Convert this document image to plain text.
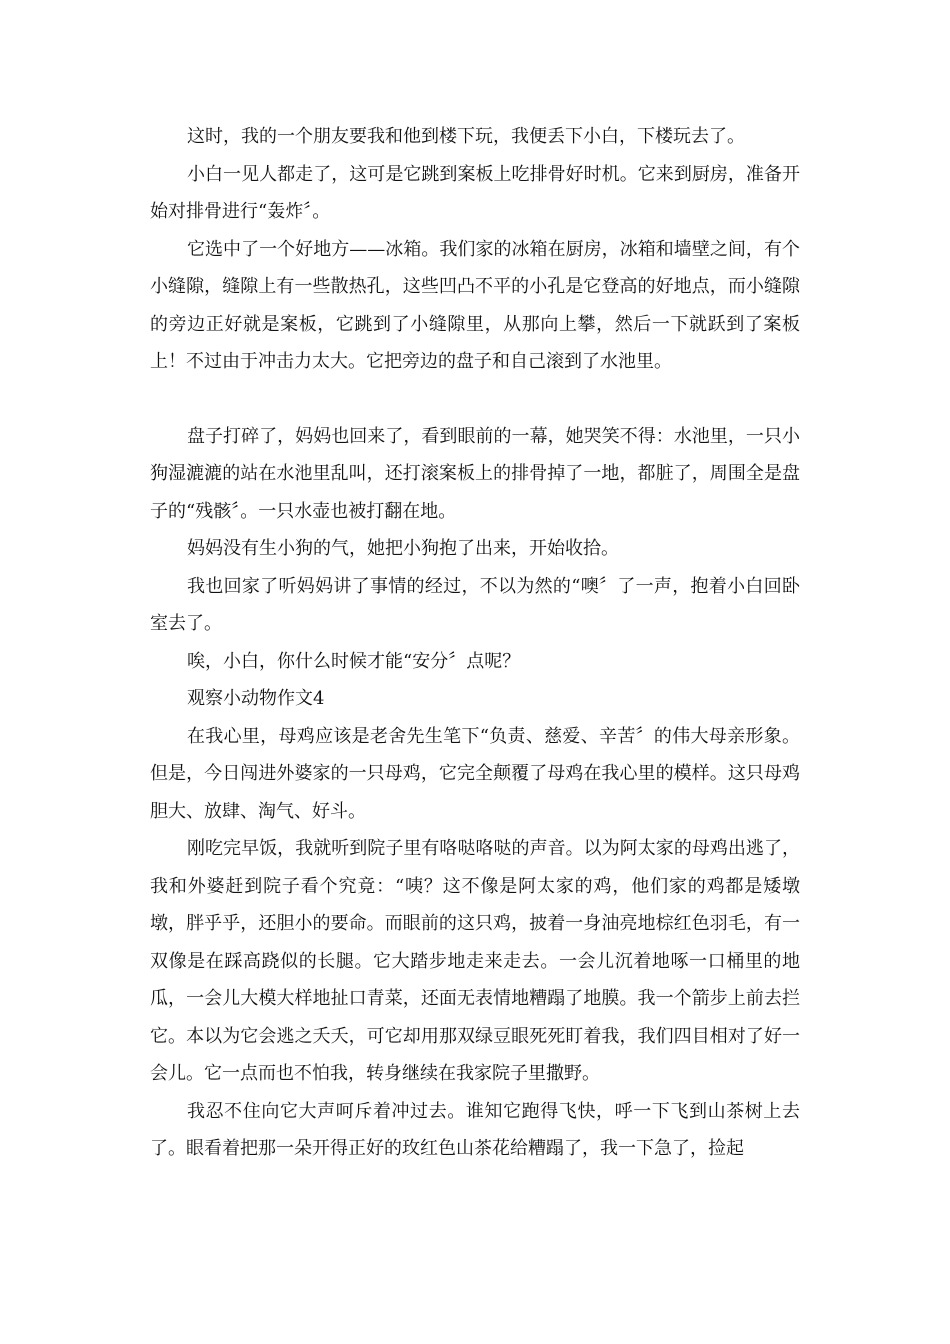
这时，我的一个朋友要我和他到楼下玩，我便丢下小白，下楼玩去了。

小白一见人都走了，这可是它跳到案板上吃排骨好时机。它来到厨房，准备开始对排骨进行“轰炸〞。

它选中了一个好地方——冰箱。我们家的冰箱在厨房，冰箱和墙壁之间，有个小缝隙，缝隙上有一些散热孔，这些凹凸不平的小孔是它登高的好地点，而小缝隙的旁边正好就是案板，它跳到了小缝隙里，从那向上攀，然后一下就跃到了案板上！不过由于冲击力太大。它把旁边的盘子和自己滚到了水池里。

盘子打碎了，妈妈也回来了，看到眼前的一幕，她哭笑不得：水池里，一只小狗湿漉漉的站在水池里乱叫，还打滚案板上的排骨掉了一地，都脏了，周围全是盘子的“残骸〞。一只水壶也被打翻在地。

妈妈没有生小狗的气，她把小狗抱了出来，开始收拾。

我也回家了听妈妈讲了事情的经过，不以为然的“噢〞了一声，抱着小白回卧室去了。

唉，小白，你什么时候才能“安分〞点呢？

观察小动物作文4

在我心里，母鸡应该是老舍先生笔下“负责、慈爱、辛苦〞的伟大母亲形象。但是，今日闯进外婆家的一只母鸡，它完全颠覆了母鸡在我心里的模样。这只母鸡胆大、放肆、淘气、好斗。

刚吃完早饭，我就听到院子里有咯哒咯哒的声音。以为阿太家的母鸡出逃了，我和外婆赶到院子看个究竟：“咦？这不像是阿太家的鸡，他们家的鸡都是矮墩墩，胖乎乎，还胆小的要命。而眼前的这只鸡，披着一身油亮地棕红色羽毛，有一双像是在踩高跷似的长腿。它大踏步地走来走去。一会儿沉着地啄一口桶里的地瓜，一会儿大模大样地扯口青菜，还面无表情地糟蹋了地膜。我一个箭步上前去拦它。本以为它会逃之夭夭，可它却用那双绿豆眼死死盯着我，我们四目相对了好一会儿。它一点而也不怕我，转身继续在我家院子里撒野。

我忍不住向它大声呵斥着冲过去。谁知它跑得飞快，呼一下飞到山茶树上去了。眼看着把那一朵开得正好的玫红色山茶花给糟蹋了，我一下急了，捡起
